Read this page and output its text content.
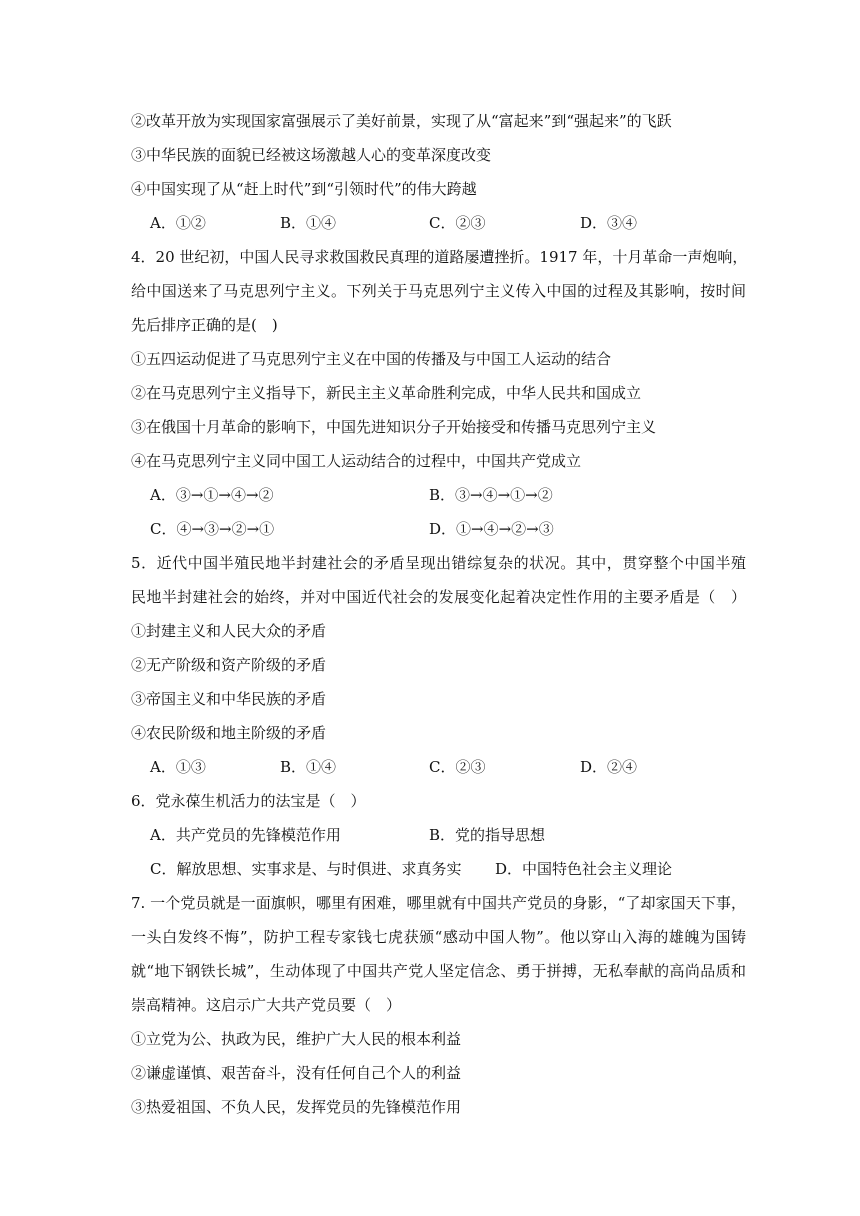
②改革开放为实现国家富强展示了美好前景，实现了从“富起来”到“强起来”的飞跃
③中华民族的面貌已经被这场激越人心的变革深度改变
④中国实现了从“赶上时代”到“引领时代”的伟大跨越
A．①②	B．①④	C．②③	D．③④
4．20 世纪初，中国人民寻求救国救民真理的道路屡遭挫折。1917 年，十月革命一声炮响，
给中国送来了马克思列宁主义。下列关于马克思列宁主义传入中国的过程及其影响，按时间
先后排序正确的是(　)
①五四运动促进了马克思列宁主义在中国的传播及与中国工人运动的结合
②在马克思列宁主义指导下，新民主主义革命胜利完成，中华人民共和国成立
③在俄国十月革命的影响下，中国先进知识分子开始接受和传播马克思列宁主义
④在马克思列宁主义同中国工人运动结合的过程中，中国共产党成立
A．③→①→④→②	B．③→④→①→②
C．④→③→②→①	D．①→④→②→③
5．近代中国半殖民地半封建社会的矛盾呈现出错综复杂的状况。其中，贯穿整个中国半殖
民地半封建社会的始终，并对中国近代社会的发展变化起着决定性作用的主要矛盾是（　）
①封建主义和人民大众的矛盾
②无产阶级和资产阶级的矛盾
③帝国主义和中华民族的矛盾
④农民阶级和地主阶级的矛盾
A．①③	B．①④	C．②③	D．②④
6．党永葆生机活力的法宝是（　）
A．共产党员的先锋模范作用	B．党的指导思想
C．解放思想、实事求是、与时俱进、求真务实 D．中国特色社会主义理论
7. 一个党员就是一面旗帜，哪里有困难，哪里就有中国共产党员的身影，“了却家国天下事，
一头白发终不悔”，防护工程专家钱七虎获颁“感动中国人物”。他以穿山入海的雄魄为国铸
就“地下钢铁长城”，生动体现了中国共产党人坚定信念、勇于拼搏，无私奉献的高尚品质和
崇高精神。这启示广大共产党员要（　）
①立党为公、执政为民，维护广大人民的根本利益
②谦虚谨慎、艰苦奋斗，没有任何自己个人的利益
③热爱祖国、不负人民，发挥党员的先锋模范作用
